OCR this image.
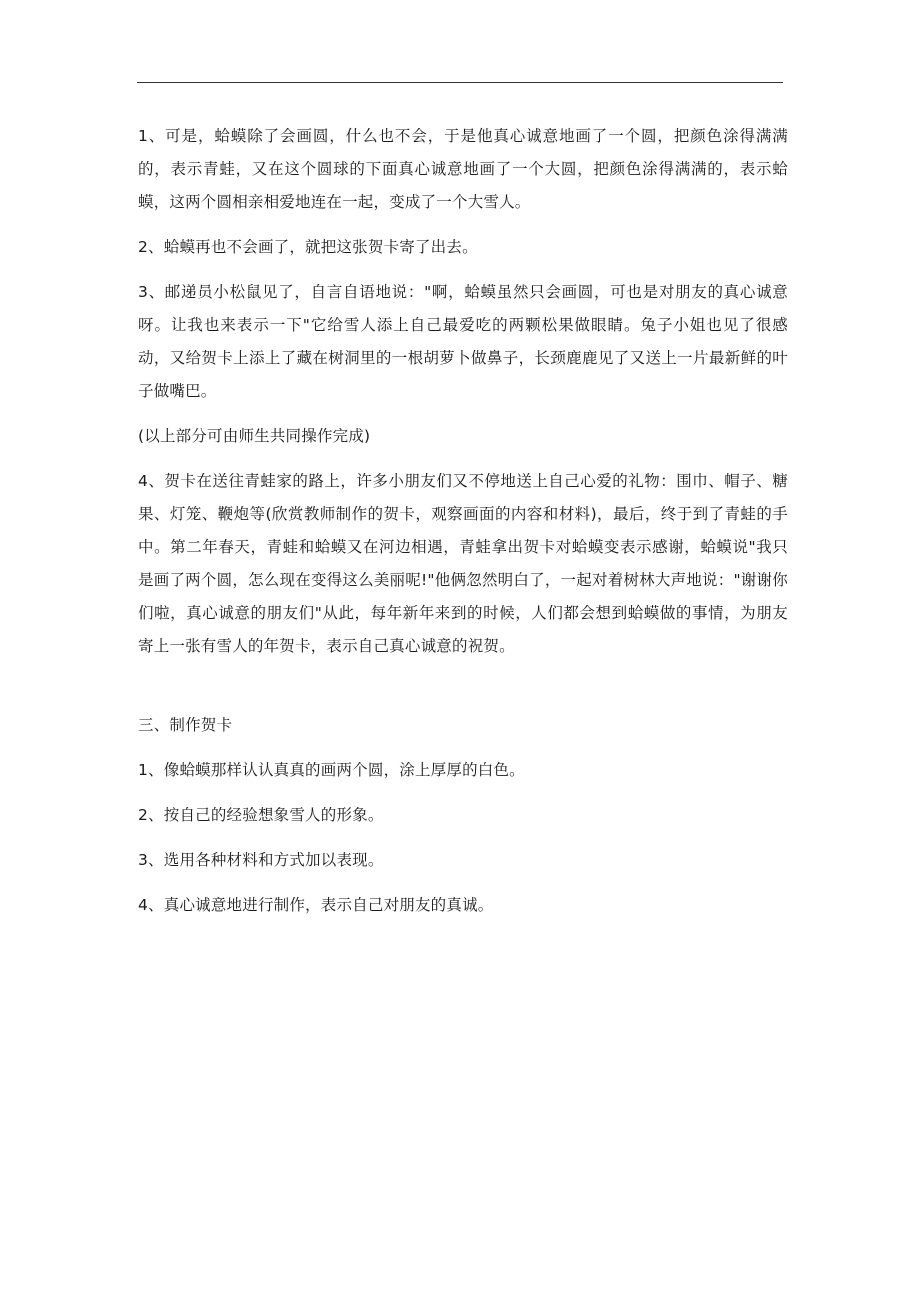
1、可是，蛤蟆除了会画圆，什么也不会，于是他真心诚意地画了一个圆，把颜色涂得满满的，表示青蛙，又在这个圆球的下面真心诚意地画了一个大圆，把颜色涂得满满的，表示蛤蟆，这两个圆相亲相爱地连在一起，变成了一个大雪人。

2、蛤蟆再也不会画了，就把这张贺卡寄了出去。

3、邮递员小松鼠见了，自言自语地说："啊，蛤蟆虽然只会画圆，可也是对朋友的真心诚意呀。让我也来表示一下"它给雪人添上自己最爱吃的两颗松果做眼睛。兔子小姐也见了很感动，又给贺卡上添上了藏在树洞里的一根胡萝卜做鼻子，长颈鹿鹿见了又送上一片最新鲜的叶子做嘴巴。

(以上部分可由师生共同操作完成)

4、贺卡在送往青蛙家的路上，许多小朋友们又不停地送上自己心爱的礼物：围巾、帽子、糖果、灯笼、鞭炮等(欣赏教师制作的贺卡，观察画面的内容和材料)，最后，终于到了青蛙的手中。第二年春天，青蛙和蛤蟆又在河边相遇，青蛙拿出贺卡对蛤蟆变表示感谢，蛤蟆说"我只是画了两个圆，怎么现在变得这么美丽呢!"他俩忽然明白了，一起对着树林大声地说："谢谢你们啦，真心诚意的朋友们"从此，每年新年来到的时候，人们都会想到蛤蟆做的事情，为朋友寄上一张有雪人的年贺卡，表示自己真心诚意的祝贺。

三、制作贺卡

1、像蛤蟆那样认认真真的画两个圆，涂上厚厚的白色。

2、按自己的经验想象雪人的形象。

3、选用各种材料和方式加以表现。

4、真心诚意地进行制作，表示自己对朋友的真诚。
